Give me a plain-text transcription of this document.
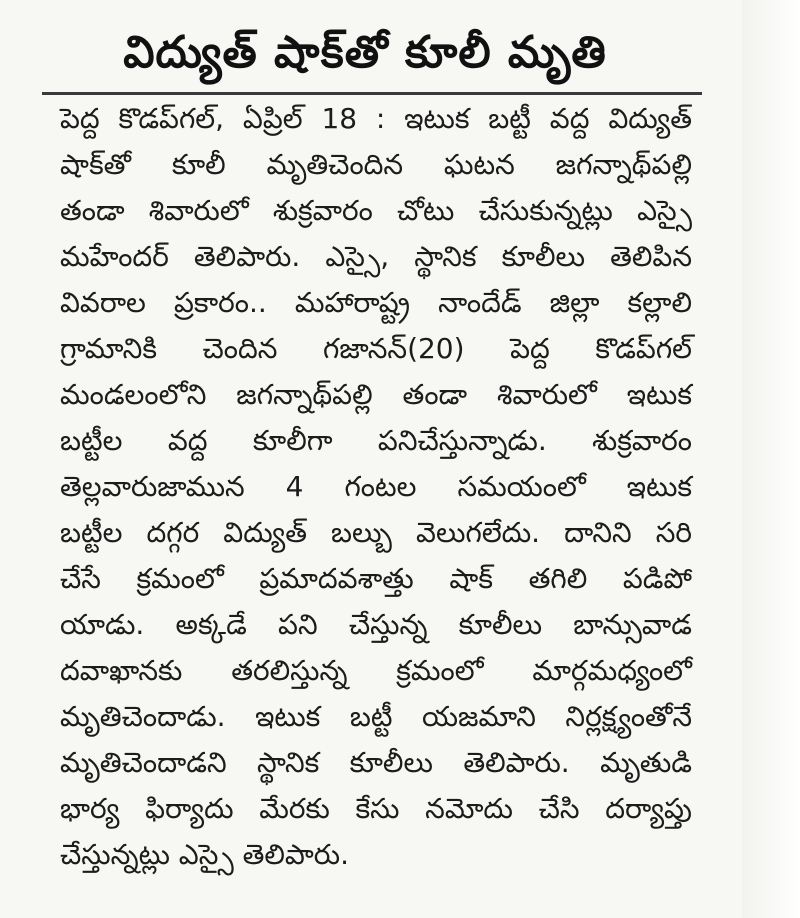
విద్యుత్ షాక్‌తో కూలీ మృతి
పెద్ద కొడప్‌గల్, ఏప్రిల్ 18 : ఇటుక బట్టీ వద్ద విద్యుత్
షాక్‌తో కూలీ మృతిచెందిన ఘటన జగన్నాథ్‌పల్లి
తండా శివారులో శుక్రవారం చోటు చేసుకున్నట్లు ఎస్సై
మహేందర్ తెలిపారు. ఎస్సై, స్థానిక కూలీలు తెలిపిన
వివరాల ప్రకారం.. మహారాష్ట్ర నాందేడ్ జిల్లా కల్లాలి
గ్రామానికి చెందిన గజానన్(20) పెద్ద కొడప్‌గల్
మండలంలోని జగన్నాథ్‌పల్లి తండా శివారులో ఇటుక
బట్టీల వద్ద కూలీగా పనిచేస్తున్నాడు. శుక్రవారం
తెల్లవారుజామున 4 గంటల సమయంలో ఇటుక
బట్టీల దగ్గర విద్యుత్ బల్బు వెలుగలేదు. దానిని సరి
చేసే క్రమంలో ప్రమాదవశాత్తు షాక్ తగిలి పడిపో
యాడు. అక్కడే పని చేస్తున్న కూలీలు బాన్సువాడ
దవాఖానకు తరలిస్తున్న క్రమంలో మార్గమధ్యంలో
మృతిచెందాడు. ఇటుక బట్టీ యజమాని నిర్లక్ష్యంతోనే
మృతిచెందాడని స్థానిక కూలీలు తెలిపారు. మృతుడి
భార్య ఫిర్యాదు మేరకు కేసు నమోదు చేసి దర్యాప్తు
చేస్తున్నట్లు ఎస్సై తెలిపారు.
